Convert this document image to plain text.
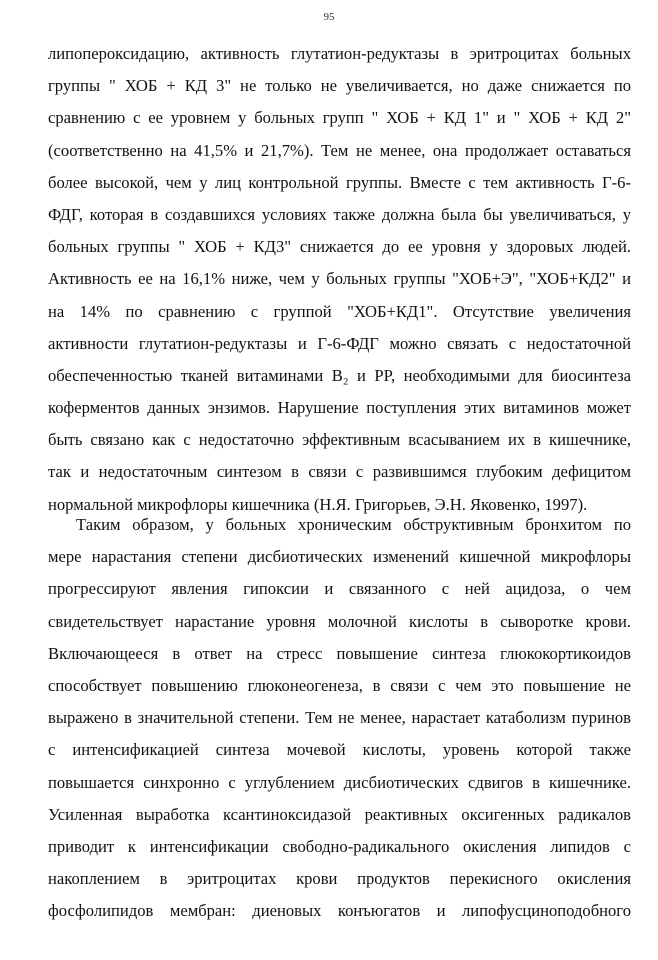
95
липопероксидацию, активность глутатион-редуктазы в эритроцитах больных
группы " ХОБ + КД 3" не только не увеличивается, но даже снижается по
сравнению с ее уровнем у больных групп " ХОБ + КД 1" и " ХОБ + КД 2"
(соответственно на 41,5% и 21,7%). Тем не менее, она продолжает оставаться
более высокой, чем у лиц контрольной группы. Вместе с тем активность Г-6-
ФДГ, которая в создавшихся условиях также должна была бы увеличиваться, у
больных группы " ХОБ + КД3" снижается до ее уровня у здоровых людей.
Активность ее на 16,1% ниже, чем у больных группы "ХОБ+Э", "ХОБ+КД2" и
на 14% по сравнению с группой "ХОБ+КД1". Отсутствие увеличения
активности глутатион-редуктазы и Г-6-ФДГ можно связать с недостаточной
обеспеченностью тканей витаминами B₂ и PP, необходимыми для биосинтеза
коферментов данных энзимов. Нарушение поступления этих витаминов может
быть связано как с недостаточно эффективным всасыванием их в кишечнике,
так и недостаточным синтезом в связи с развившимся глубоким дефицитом
нормальной микрофлоры кишечника (Н.Я. Григорьев, Э.Н. Яковенко, 1997).
Таким образом, у больных хроническим обструктивным бронхитом по
мере нарастания степени дисбиотических изменений кишечной микрофлоры
прогрессируют явления гипоксии и связанного с ней ацидоза, о чем
свидетельствует нарастание уровня молочной кислоты в сыворотке крови.
Включающееся в ответ на стресс повышение синтеза глюкокортикоидов
способствует повышению глюконеогенеза, в связи с чем это повышение не
выражено в значительной степени. Тем не менее, нарастает катаболизм пуринов
с интенсификацией синтеза мочевой кислоты, уровень которой также
повышается синхронно с углублением дисбиотических сдвигов в кишечнике.
Усиленная выработка ксантиноксидазой реактивных оксигенных радикалов
приводит к интенсификации свободно-радикального окисления липидов с
накоплением в эритроцитах крови продуктов перекисного окисления
фосфолипидов мембран: диеновых конъюгатов и липофусциноподобного
